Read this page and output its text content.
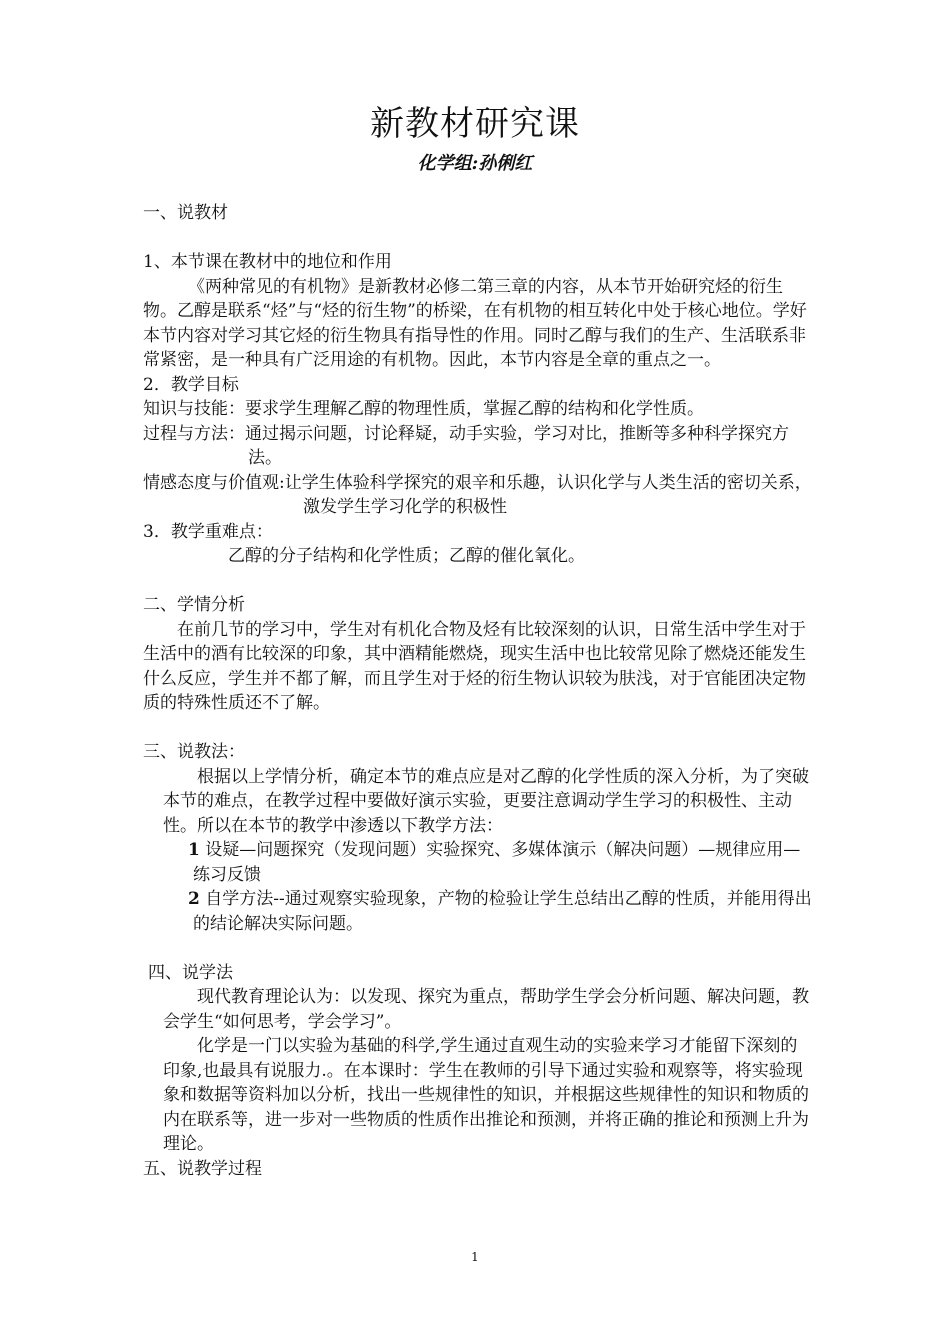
新教材研究课
化学组:孙俐红

一、说教材

1、本节课在教材中的地位和作用

《两种常见的有机物》是新教材必修二第三章的内容，从本节开始研究烃的衍生物。乙醇是联系“烃”与“烃的衍生物”的桥梁，在有机物的相互转化中处于核心地位。学好本节内容对学习其它烃的衍生物具有指导性的作用。同时乙醇与我们的生产、生活联系非常紧密，是一种具有广泛用途的有机物。因此，本节内容是全章的重点之一。

2．教学目标

知识与技能：要求学生理解乙醇的物理性质，掌握乙醇的结构和化学性质。

过程与方法：通过揭示问题，讨论释疑，动手实验，学习对比，推断等多种科学探究方法。

情感态度与价值观:让学生体验科学探究的艰辛和乐趣，认识化学与人类生活的密切关系，激发学生学习化学的积极性

3．教学重难点：

乙醇的分子结构和化学性质；乙醇的催化氧化。

二、学情分析

在前几节的学习中，学生对有机化合物及烃有比较深刻的认识，日常生活中学生对于生活中的酒有比较深的印象，其中酒精能燃烧，现实生活中也比较常见除了燃烧还能发生什么反应，学生并不都了解，而且学生对于烃的衍生物认识较为肤浅，对于官能团决定物质的特殊性质还不了解。

三、说教法：

根据以上学情分析，确定本节的难点应是对乙醇的化学性质的深入分析，为了突破本节的难点，在教学过程中要做好演示实验，更要注意调动学生学习的积极性、主动性。所以在本节的教学中渗透以下教学方法：

1 设疑—问题探究（发现问题）实验探究、多媒体演示（解决问题）—规律应用—练习反馈

2 自学方法--通过观察实验现象，产物的检验让学生总结出乙醇的性质，并能用得出的结论解决实际问题。

四、说学法

现代教育理论认为：以发现、探究为重点，帮助学生学会分析问题、解决问题，教会学生“如何思考，学会学习”。

化学是一门以实验为基础的科学,学生通过直观生动的实验来学习才能留下深刻的印象,也最具有说服力.。在本课时：学生在教师的引导下通过实验和观察等，将实验现象和数据等资料加以分析，找出一些规律性的知识，并根据这些规律性的知识和物质的内在联系等，进一步对一些物质的性质作出推论和预测，并将正确的推论和预测上升为理论。

五、说教学过程

1
